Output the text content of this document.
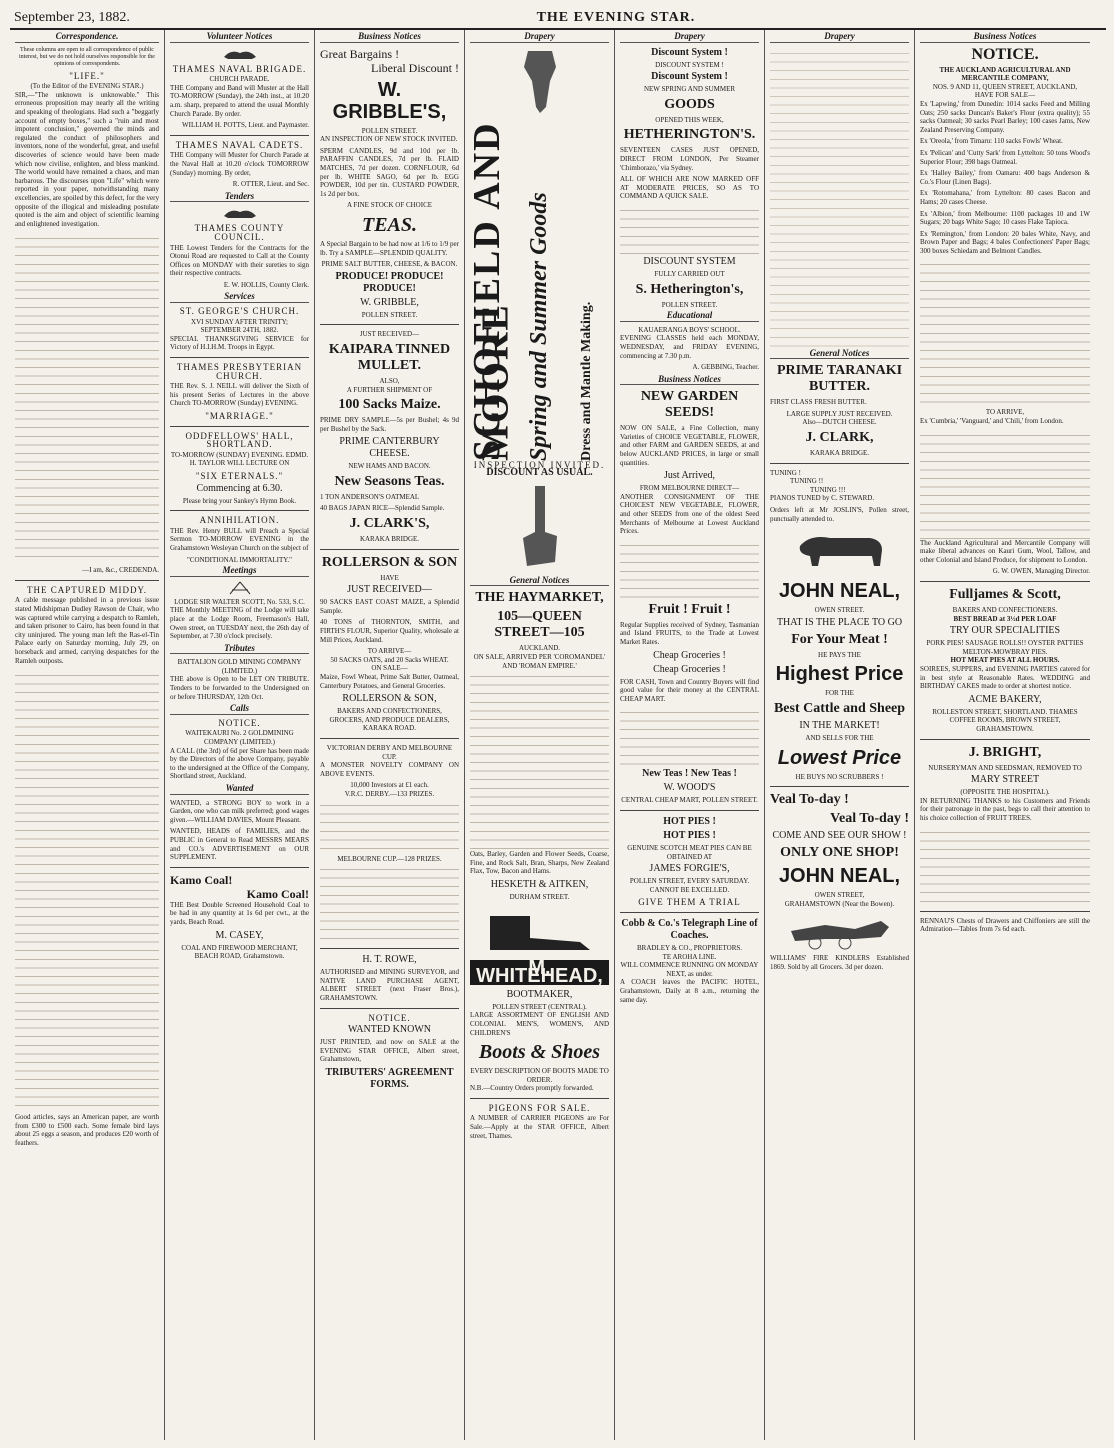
September 23, 1882.	THE EVENING STAR.
Correspondence.
These columns are open to all correspondence of public interest, but we do not hold ourselves responsible for the opinions of correspondents.
"LIFE."
(To the Editor of the EVENING STAR.)
SIR,—"The unknown is unknowable." This erroneous proposition may nearly all the writing and speaking of theologians. Had such a "beggarly account of empty boxes," such a "ruin and most impotent conclusion," governed the minds and regulated the conduct of philosophers and inventors, none of the wonderful, great, and useful discoveries of science would have been made which now civilise, enlighten, and bless mankind. The world would have remained a chaos, and man barbarous. The discourses upon "Life" which were reported in your paper, notwithstanding many excellencies, are spoiled by this defect, for the very opposite of the illogical and misleading postulate quoted is the aim and object of scientific learning and enlightened investigation.
—I am, &c., CREDENDA.
THE CAPTURED MIDDY.
A cable message published in a previous issue stated Midshipman Dudley Rawson de Chair, who was captured while carrying a despatch to Ramleh, and taken prisoner to Cairo, has been found in that city uninjured. The young man left the Ras-el-Tin Palace early on Saturday morning, July 29, on horseback and armed, carrying despatches for the Ramleh outposts.
Good articles, says an American paper, are worth from £300 to £500 each. Some female bird lays about 25 eggs a season, and produces £20 worth of feathers.
Volunteer Notices
THAMES NAVAL BRIGADE.
CHURCH PARADE.
THE Company and Band will Muster at the Hall TO-MORROW (Sunday), the 24th inst., at 10.20 a.m. sharp, prepared to attend the usual Monthly Church Parade. By order.
WILLIAM H. POTTS, Lieut. and Paymaster.
THAMES NAVAL CADETS.
THE Company will Muster for Church Parade at the Naval Hall at 10.20 o'clock TOMORROW (Sunday) morning. By order,
R. OTTER, Lieut. and Sec.
Tenders
THAMES COUNTY COUNCIL.
THE Lowest Tenders for the Contracts for the Otonui Road are requested to Call at the County Offices on MONDAY with their sureties to sign their respective contracts.
E. W. HOLLIS, County Clerk.
Services
ST. GEORGE'S CHURCH.
XVI SUNDAY AFTER TRINITY; SEPTEMBER 24TH, 1882.
SPECIAL THANKSGIVING SERVICE for Victory of H.I.H.M. Troops in Egypt.
THAMES PRESBYTERIAN CHURCH.
THE Rev. S. J. NEILL will deliver the Sixth of his present Series of Lectures in the above Church TO-MORROW (Sunday) EVENING.
"MARRIAGE."
ODDFELLOWS' HALL, SHORTLAND.
TO-MORROW (SUNDAY) EVENING. EDMD. H. TAYLOR WILL LECTURE ON
"SIX ETERNALS."
Commencing at 6.30.
Please bring your Sankey's Hymn Book.
ANNIHILATION.
THE Rev. Henry BULL will Preach a Special Sermon TO-MORROW EVENING in the Grahamstown Wesleyan Church on the subject of
"CONDITIONAL IMMORTALITY."
Meetings
LODGE SIR WALTER SCOTT, No. 533, S.C.
THE Monthly MEETING of the Lodge will take place at the Lodge Room, Freemason's Hall, Owen street, on TUESDAY next, the 26th day of September, at 7.30 o'clock precisely.
Tributes
BATTALION GOLD MINING COMPANY (LIMITED.)
THE above is Open to be LET ON TRIBUTE. Tenders to be forwarded to the Undersigned on or before THURSDAY, 12th Oct.
Calls
NOTICE.
WAITEKAURI No. 2 GOLDMINING COMPANY (LIMITED.)
A CALL (the 3rd) of 6d per Share has been made by the Directors of the above Company, payable to the undersigned at the Office of the Company, Shortland street, Auckland.
Wanted
WANTED, a STRONG BOY to work in a Garden, one who can milk preferred; good wages given.—WILLIAM DAVIES, Mount Pleasant.
WANTED, HEADS of FAMILIES, and the PUBLIC in General to Read MESSRS MEARS and CO.'s ADVERTISEMENT on OUR SUPPLEMENT.
Kamo Coal!
Kamo Coal!
THE Best Double Screened Household Coal to be had in any quantity at 1s 6d per cwt., at the yards, Beach Road.
M. CASEY,
COAL AND FIREWOOD MERCHANT, BEACH ROAD, Grahamstown.
Business Notices
Great Bargains !
Liberal Discount !
W. GRIBBLE'S,
POLLEN STREET.
AN INSPECTION OF NEW STOCK INVITED.
SPERM CANDLES, 9d and 10d per lb. PARAFFIN CANDLES, 7d per lb. FLAID MATCHES, 7d per dozen. CORNFLOUR, 6d per lb. WHITE SAGO, 6d per lb. EGG POWDER, 10d per tin. CUSTARD POWDER, 1s 2d per box.
A FINE STOCK OF CHOICE
TEAS.
A Special Bargain to be had now at 1/6 to 1/9 per lb. Try a SAMPLE—SPLENDID QUALITY.
PRIME SALT BUTTER, CHEESE, & BACON.
PRODUCE! PRODUCE! PRODUCE!
W. GRIBBLE,
POLLEN STREET.
JUST RECEIVED—
KAIPARA TINNED MULLET.
ALSO,
A FURTHER SHIPMENT OF
100 Sacks Maize.
PRIME DRY SAMPLE—5s per Bushel; 4s 9d per Bushel by the Sack.
PRIME CANTERBURY CHEESE.
NEW HAMS AND BACON.
New Seasons Teas.
1 TON ANDERSON'S OATMEAL
40 BAGS JAPAN RICE—Splendid Sample.
J. CLARK'S,
KARAKA BRIDGE.
ROLLERSON & SON
HAVE
JUST RECEIVED—
90 SACKS EAST COAST MAIZE, a Splendid Sample.
40 TONS of THORNTON, SMITH, and FIRTH'S FLOUR, Superior Quality, wholesale at Mill Prices, Auckland.
TO ARRIVE—
50 SACKS OATS, and 20 Sacks WHEAT.
ON SALE—
Maize, Fowl Wheat, Prime Salt Butter, Oatmeal, Canterbury Potatoes, and General Groceries.
ROLLERSON & SON,
BAKERS AND CONFECTIONERS, GROCERS, AND PRODUCE DEALERS,
KARAKA ROAD.
VICTORIAN DERBY AND MELBOURNE CUP.
A MONSTER NOVELTY COMPANY ON ABOVE EVENTS.
10,000 Investors at £1 each.
V.R.C. DERBY.—133 PRIZES.
MELBOURNE CUP.—128 PRIZES.
H. T. ROWE,
AUTHORISED and MINING SURVEYOR, and NATIVE LAND PURCHASE AGENT, ALBERT STREET (next Fraser Bros.), GRAHAMSTOWN.
NOTICE.
WANTED KNOWN
JUST PRINTED, and now on SALE at the EVENING STAR OFFICE, Albert street, Grahamstown,
TRIBUTERS' AGREEMENT FORMS.
Drapery
SCHOFIELD AND MOORE Spring and Summer Goods Dress and Mantle Making.
INSPECTION INVITED.
DISCOUNT AS USUAL.
General Notices
THE HAYMARKET,
105—QUEEN STREET—105
AUCKLAND.
ON SALE, ARRIVED PER 'COROMANDEL' AND 'ROMAN EMPIRE.'
Oats, Barley, Garden and Flower Seeds, Coarse, Fine, and Rock Salt, Bran, Sharps, New Zealand Flax, Tow, Bacon and Hams.
HESKETH & AITKEN,
DURHAM STREET.
M. WHITEHEAD,
BOOTMAKER,
POLLEN STREET (CENTRAL).
LARGE ASSORTMENT OF ENGLISH AND COLONIAL MEN'S, WOMEN'S, AND CHILDREN'S
Boots & Shoes
EVERY DESCRIPTION OF BOOTS MADE TO ORDER.
N.B.—Country Orders promptly forwarded.
PIGEONS FOR SALE.
A NUMBER of CARRIER PIGEONS are For Sale.—Apply at the STAR OFFICE, Albert street, Thames.
Drapery
Discount System !
DISCOUNT SYSTEM !
Discount System !
NEW SPRING AND SUMMER
GOODS
OPENED THIS WEEK,
HETHERINGTON'S.
SEVENTEEN CASES JUST OPENED, DIRECT FROM LONDON, Per Steamer 'Chimborazo,' via Sydney.
ALL OF WHICH ARE NOW MARKED OFF AT MODERATE PRICES, SO AS TO COMMAND A QUICK SALE.
DISCOUNT SYSTEM
FULLY CARRIED OUT
S. Hetherington's,
POLLEN STREET.
Educational
KAUAERANGA BOYS' SCHOOL.
EVENING CLASSES held each MONDAY, WEDNESDAY, and FRIDAY EVENING, commencing at 7.30 p.m.
A. GEBBING, Teacher.
Business Notices
NEW GARDEN SEEDS!
NOW ON SALE, a Fine Collection, many Varieties of CHOICE VEGETABLE, FLOWER, and other FARM and GARDEN SEEDS, at and below AUCKLAND PRICES, in large or small quantities.
Just Arrived,
FROM MELBOURNE DIRECT—
ANOTHER CONSIGNMENT OF THE CHOICEST NEW VEGETABLE, FLOWER, and other SEEDS from one of the oldest Seed Merchants of Melbourne at Lowest Auckland Prices.
Fruit ! Fruit !
Regular Supplies received of Sydney, Tasmanian and Island FRUITS, to the Trade at Lowest Market Rates.
Cheap Groceries !
Cheap Groceries !
FOR CASH, Town and Country Buyers will find good value for their money at the CENTRAL CHEAP MART.
New Teas ! New Teas !
W. WOOD'S
CENTRAL CHEAP MART, POLLEN STREET.
HOT PIES !
HOT PIES !
GENUINE SCOTCH MEAT PIES CAN BE OBTAINED AT
JAMES FORGIE'S,
POLLEN STREET, EVERY SATURDAY.
CANNOT BE EXCELLED.
GIVE THEM A TRIAL
Cobb & Co.'s Telegraph Line of Coaches.
BRADLEY & CO., PROPRIETORS.
TE AROHA LINE.
WILL COMMENCE RUNNING ON MONDAY NEXT, as under.
A COACH leaves the PACIFIC HOTEL, Grahamstown, Daily at 8 a.m., returning the same day.
Drapery
General Notices
PRIME TARANAKI BUTTER.
FIRST CLASS FRESH BUTTER.
LARGE SUPPLY JUST RECEIVED.
Also—DUTCH CHEESE.
J. CLARK,
KARAKA BRIDGE.
TUNING !
TUNING !!
TUNING !!!
PIANOS TUNED by C. STEWARD.
Orders left at Mr JOSLIN'S, Pollen street, punctually attended to.
JOHN NEAL,
OWEN STREET.
THAT IS THE PLACE TO GO
For Your Meat !
HE PAYS THE
Highest Price
FOR THE
Best Cattle and Sheep
IN THE MARKET!
AND SELLS FOR THE
Lowest Price
HE BUYS NO SCRUBBERS !
Veal To-day !
Veal To-day !
COME AND SEE OUR SHOW !
ONLY ONE SHOP!
JOHN NEAL,
OWEN STREET,
GRAHAMSTOWN (Near the Bowen).
WILLIAMS' FIRE KINDLERS Established 1869. Sold by all Grocers. 3d per dozen.
Business Notices
NOTICE.
THE AUCKLAND AGRICULTURAL AND MERCANTILE COMPANY,
NOS. 9 AND 11, QUEEN STREET, AUCKLAND,
HAVE FOR SALE—
Ex 'Lapwing,' from Dunedin: 1014 sacks Feed and Milling Oats; 250 sacks Duncan's Baker's Flour (extra quality); 55 sacks Oatmeal; 30 sacks Pearl Barley; 100 cases Jams, New Zealand Preserving Company.
Ex 'Oreola,' from Timaru: 110 sacks Fowls' Wheat.
Ex 'Pelican' and 'Cutty Sark' from Lyttelton: 50 tons Wood's Superior Flour; 398 bags Oatmeal.
Ex 'Halley Bailey,' from Oamaru: 400 bags Anderson & Co.'s Flour (Linen Bags).
Ex 'Rotomahana,' from Lyttelton: 80 cases Bacon and Hams; 20 cases Cheese.
Ex 'Albion,' from Melbourne: 1100 packages 10 and 1W Sugars; 20 bags White Sago; 10 cases Flake Tapioca.
Ex 'Remington,' from London: 20 bales White, Navy, and Brown Paper and Bags; 4 bales Confectioners' Paper Bags; 300 boxes Schiedam and Belmont Candles.
TO ARRIVE,
Ex 'Cumbria,' 'Vanguard,' and 'Chili,' from London.
The Auckland Agricultural and Mercantile Company will make liberal advances on Kauri Gum, Wool, Tallow, and other Colonial and Island Produce, for shipment to London.
G. W. OWEN, Managing Director.
Fulljames & Scott,
BAKERS AND CONFECTIONERS.
BEST BREAD at 3½d PER LOAF
TRY OUR SPECIALITIES
PORK PIES! SAUSAGE ROLLS!! OYSTER PATTIES MELTON-MOWBRAY PIES.
HOT MEAT PIES AT ALL HOURS.
SOIREES, SUPPERS, and EVENING PARTIES catered for in best style at Reasonable Rates. WEDDING and BIRTHDAY CAKES made to order at shortest notice.
ACME BAKERY,
ROLLESTON STREET, SHORTLAND. THAMES COFFEE ROOMS, BROWN STREET, GRAHAMSTOWN.
J. BRIGHT,
NURSERYMAN AND SEEDSMAN, REMOVED TO
MARY STREET
(OPPOSITE THE HOSPITAL).
IN RETURNING THANKS to his Customers and Friends for their patronage in the past, begs to call their attention to his choice collection of FRUIT TREES.
RENNAU'S Chests of Drawers and Chiffoniers are still the Admiration—Tables from 7s 6d each.
